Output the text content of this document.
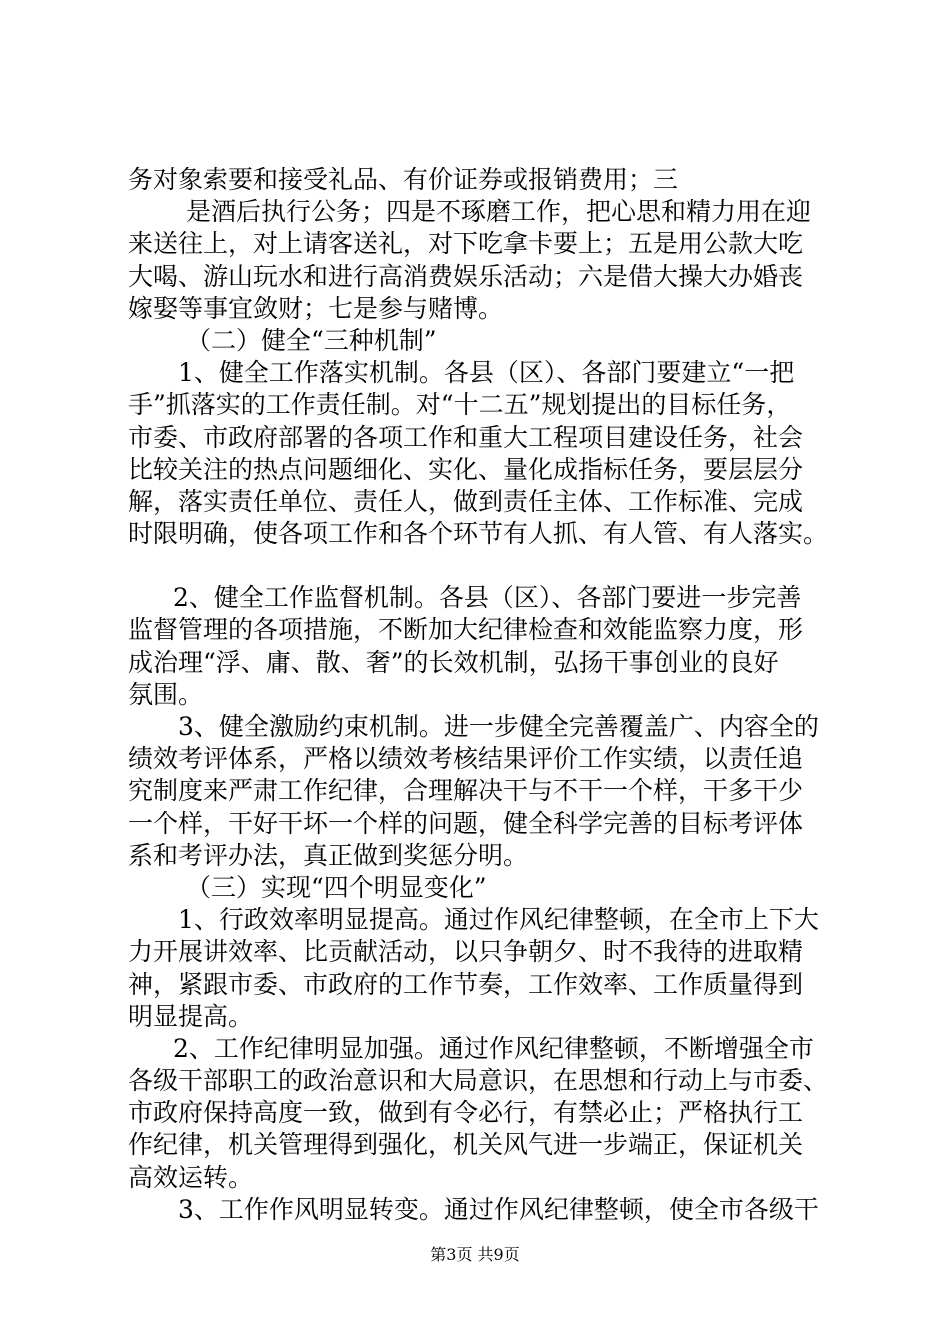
务对象索要和接受礼品、有价证券或报销费用；三
是酒后执行公务；四是不琢磨工作，把心思和精力用在迎
来送往上，对上请客送礼，对下吃拿卡要上；五是用公款大吃
大喝、游山玩水和进行高消费娱乐活动；六是借大操大办婚丧
嫁娶等事宜敛财；七是参与赌博。
（二）健全“三种机制”
1、健全工作落实机制。各县（区）、各部门要建立“一把
手”抓落实的工作责任制。对“十二五”规划提出的目标任务，
市委、市政府部署的各项工作和重大工程项目建设任务，社会
比较关注的热点问题细化、实化、量化成指标任务，要层层分
解，落实责任单位、责任人，做到责任主体、工作标准、完成
时限明确，使各项工作和各个环节有人抓、有人管、有人落实。
2、健全工作监督机制。各县（区）、各部门要进一步完善
监督管理的各项措施，不断加大纪律检查和效能监察力度，形
成治理“浮、庸、散、奢”的长效机制，弘扬干事创业的良好
氛围。
3、健全激励约束机制。进一步健全完善覆盖广、内容全的
绩效考评体系，严格以绩效考核结果评价工作实绩，以责任追
究制度来严肃工作纪律，合理解决干与不干一个样，干多干少
一个样，干好干坏一个样的问题，健全科学完善的目标考评体
系和考评办法，真正做到奖惩分明。
（三）实现“四个明显变化”
1、行政效率明显提高。通过作风纪律整顿，在全市上下大
力开展讲效率、比贡献活动，以只争朝夕、时不我待的进取精
神，紧跟市委、市政府的工作节奏，工作效率、工作质量得到
明显提高。
2、工作纪律明显加强。通过作风纪律整顿，不断增强全市
各级干部职工的政治意识和大局意识，在思想和行动上与市委、
市政府保持高度一致，做到有令必行，有禁必止；严格执行工
作纪律，机关管理得到强化，机关风气进一步端正，保证机关
高效运转。
3、工作作风明显转变。通过作风纪律整顿，使全市各级干
第3页 共9页
